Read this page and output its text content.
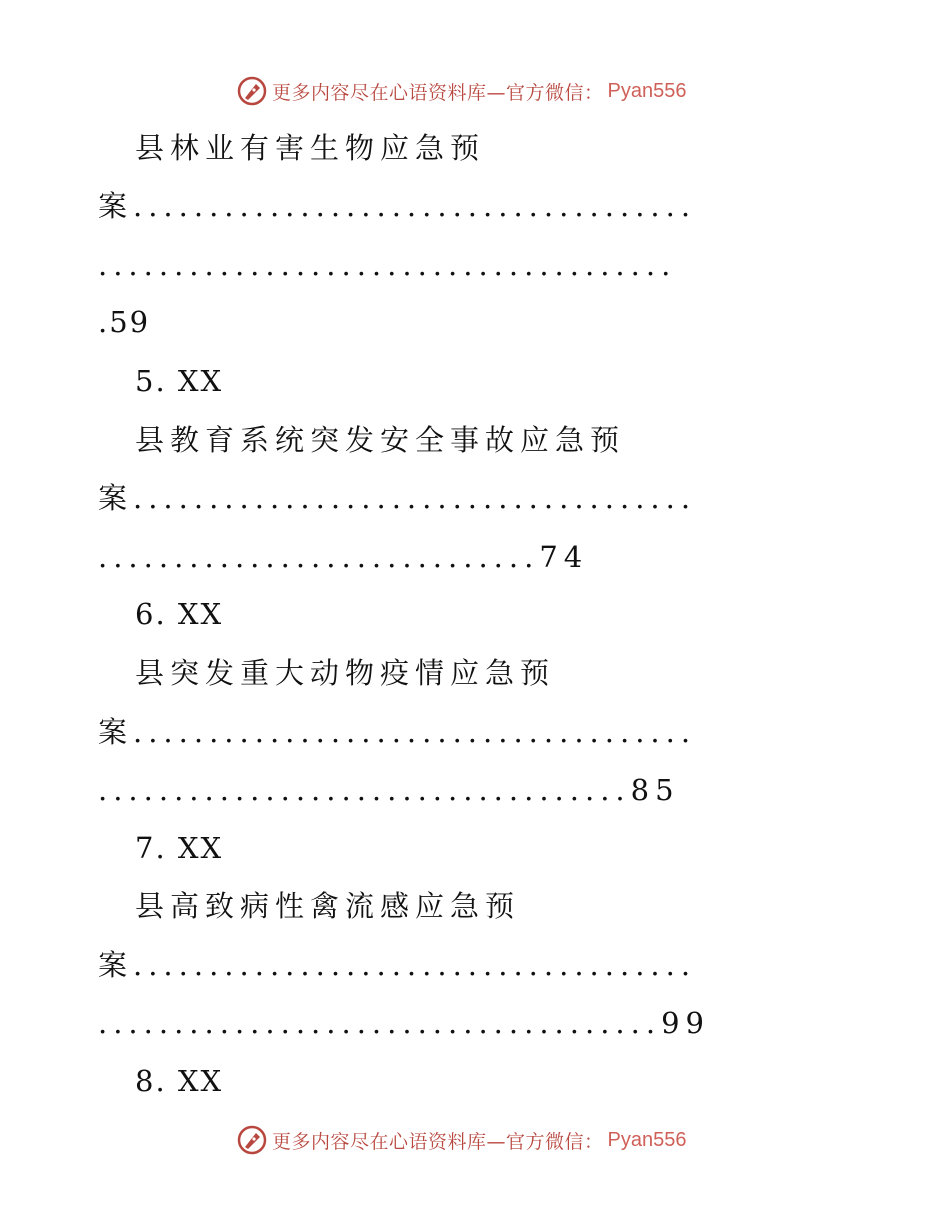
更多内容尽在心语资料库—官方微信： Pyan556
县林业有害生物应急预
案.....................................
......................................
.59
5. XX
县教育系统突发安全事故应急预
案.....................................
.............................74
6. XX
县突发重大动物疫情应急预
案.....................................
...................................85
7. XX
县高致病性禽流感应急预
案.....................................
.....................................99
8. XX
更多内容尽在心语资料库—官方微信： Pyan556
